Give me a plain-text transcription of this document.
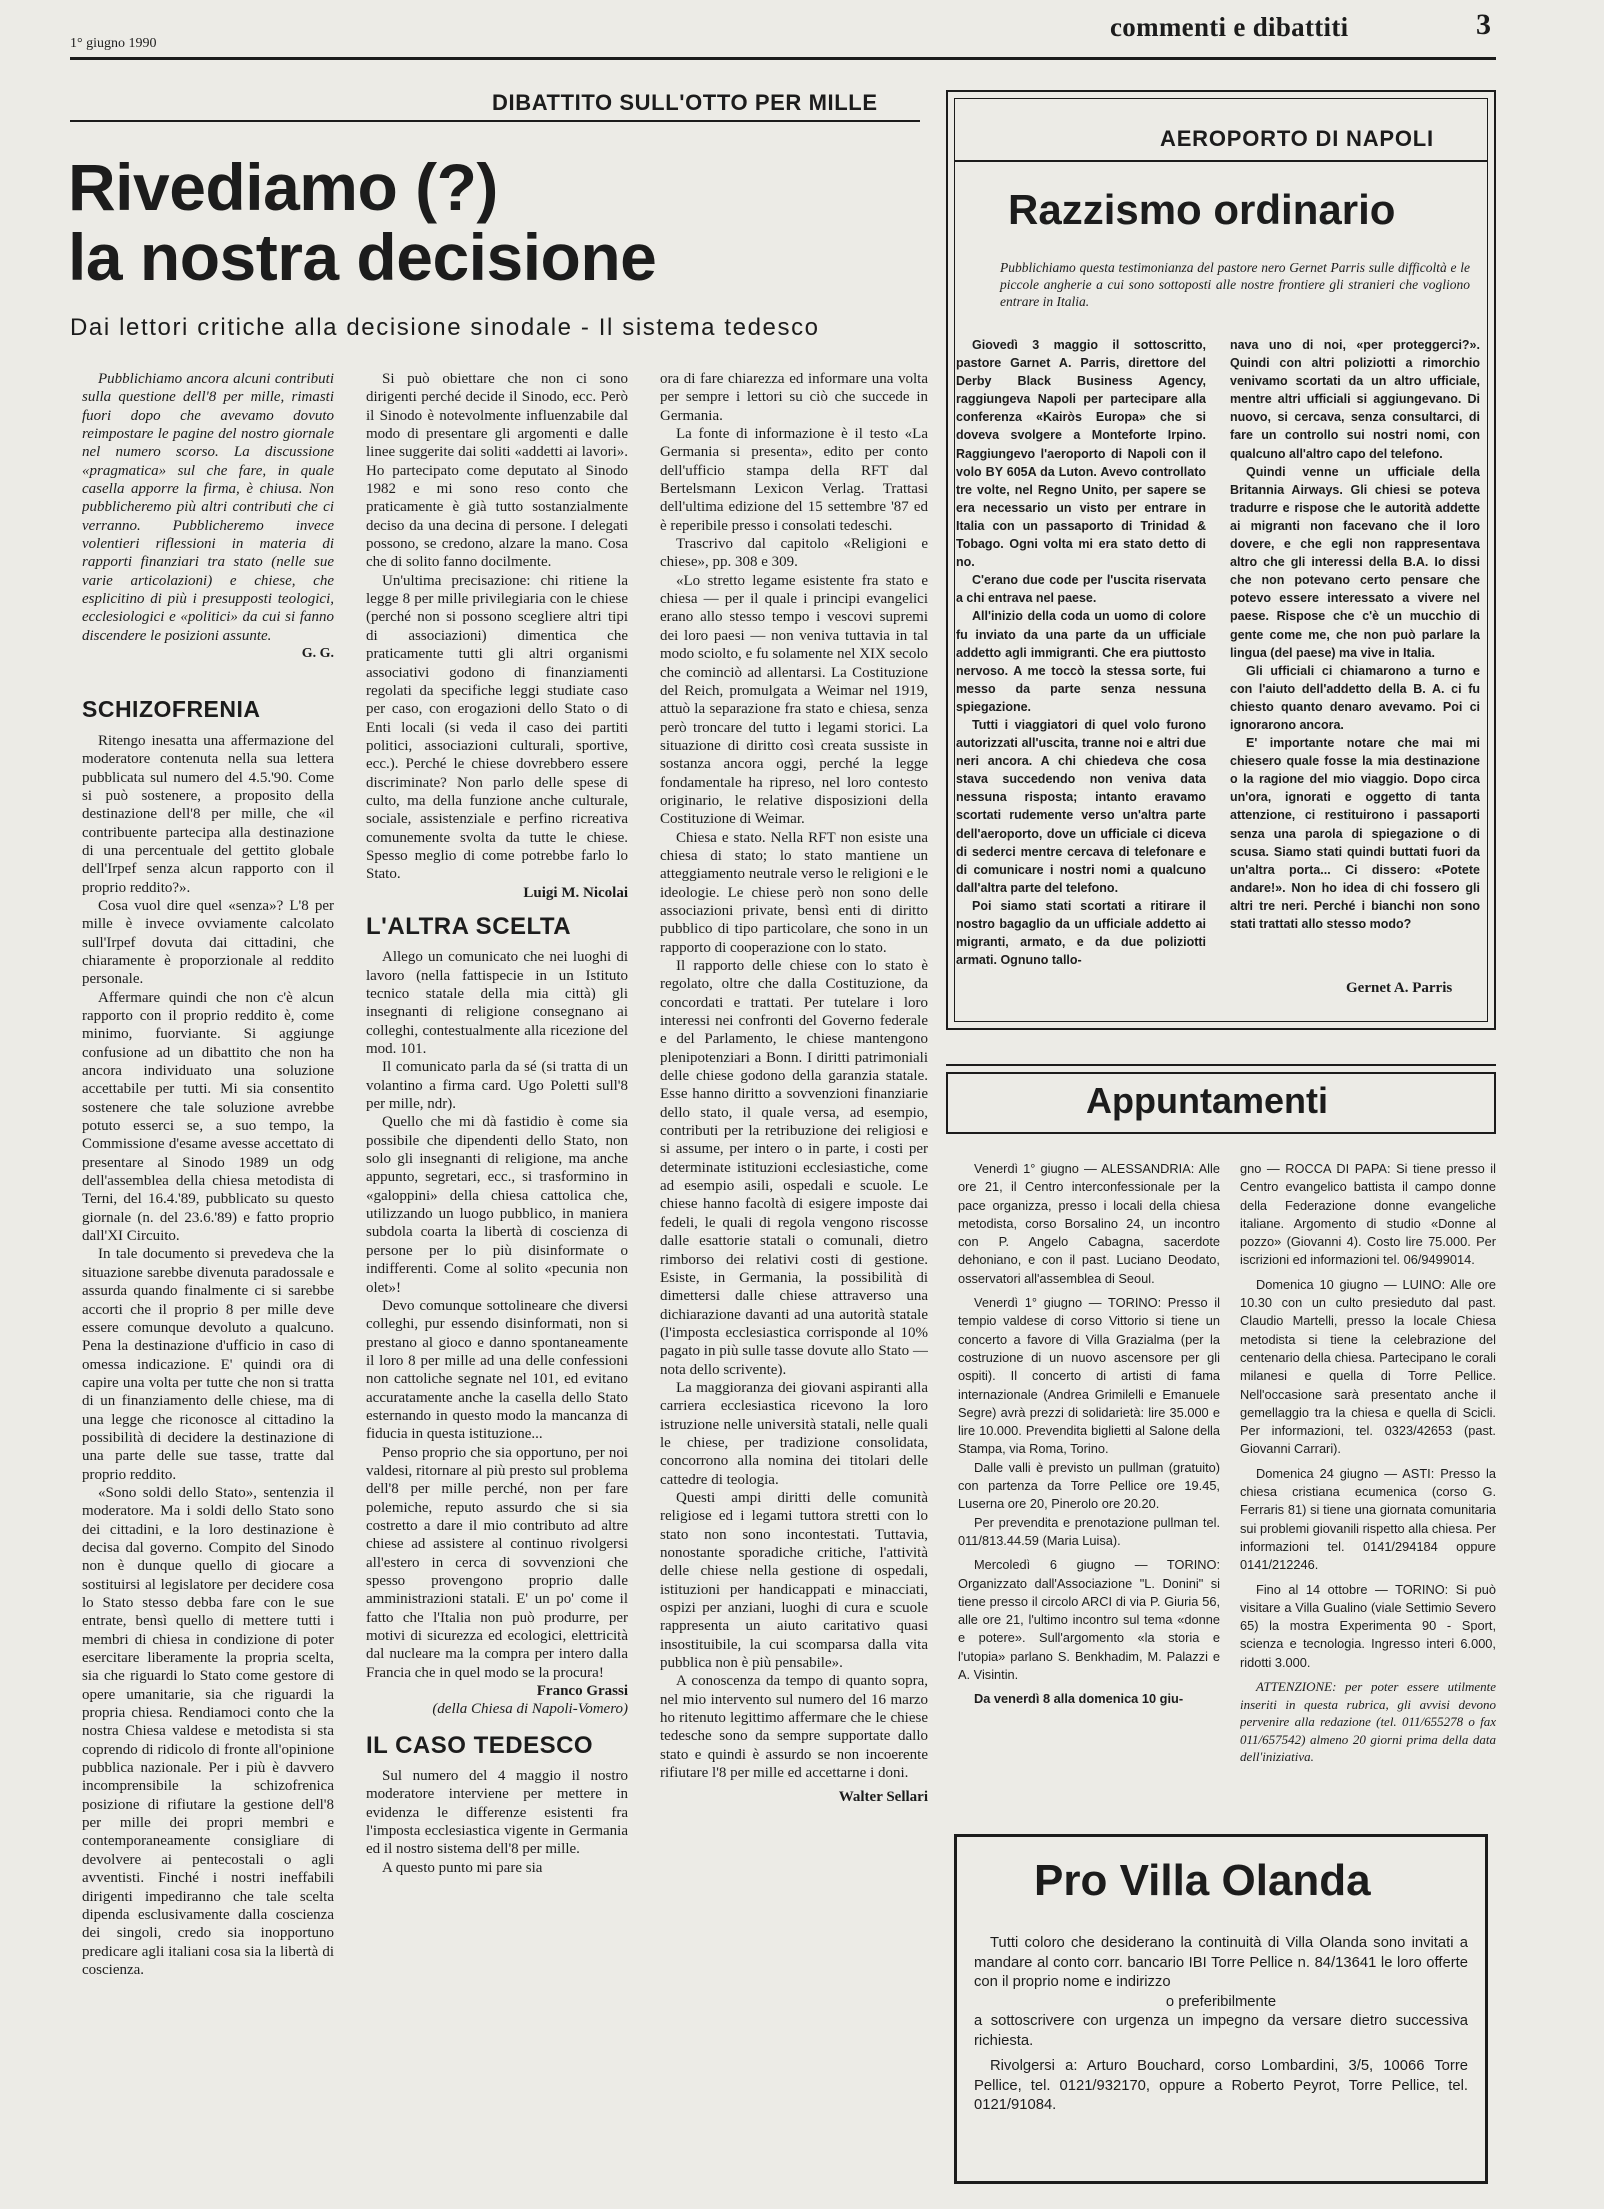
1° giugno 1990
commenti e dibattiti	3
DIBATTITO SULL'OTTO PER MILLE
Rivediamo (?)
la nostra decisione
Dai lettori critiche alla decisione sinodale - Il sistema tedesco

Pubblichiamo ancora alcuni contributi sulla questione dell'8 per mille, rimasti fuori dopo che avevamo dovuto reimpostare le pagine del nostro giornale nel numero scorso. La discussione «pragmatica» sul che fare, in quale casella apporre la firma, è chiusa. Non pubblicheremo più altri contributi che ci verranno. Pubblicheremo invece volentieri riflessioni in materia di rapporti finanziari tra stato (nelle sue varie articolazioni) e chiese, che esplicitino di più i presupposti teologici, ecclesiologici e «politici» da cui si fanno discendere le posizioni assunte.

G. G.

SCHIZOFRENIA

Ritengo inesatta una affermazione del moderatore contenuta nella sua lettera pubblicata sul numero del 4.5.'90. Come si può sostenere, a proposito della destinazione dell'8 per mille, che «il contribuente partecipa alla destinazione di una percentuale del gettito globale dell'Irpef senza alcun rapporto con il proprio reddito?».

Cosa vuol dire quel «senza»? L'8 per mille è invece ovviamente calcolato sull'Irpef dovuta dai cittadini, che chiaramente è proporzionale al reddito personale.

Affermare quindi che non c'è alcun rapporto con il proprio reddito è, come minimo, fuorviante. Si aggiunge confusione ad un dibattito che non ha ancora individuato una soluzione accettabile per tutti. Mi sia consentito sostenere che tale soluzione avrebbe potuto esserci se, a suo tempo, la Commissione d'esame avesse accettato di presentare al Sinodo 1989 un odg dell'assemblea della chiesa metodista di Terni, del 16.4.'89, pubblicato su questo giornale (n. del 23.6.'89) e fatto proprio dall'XI Circuito.

In tale documento si prevedeva che la situazione sarebbe divenuta paradossale e assurda quando finalmente ci si sarebbe accorti che il proprio 8 per mille deve essere comunque devoluto a qualcuno. Pena la destinazione d'ufficio in caso di omessa indicazione. E' quindi ora di capire una volta per tutte che non si tratta di un finanziamento delle chiese, ma di una legge che riconosce al cittadino la possibilità di decidere la destinazione di una parte delle sue tasse, tratte dal proprio reddito.

«Sono soldi dello Stato», sentenzia il moderatore. Ma i soldi dello Stato sono dei cittadini, e la loro destinazione è decisa dal governo. Compito del Sinodo non è dunque quello di giocare a sostituirsi al legislatore per decidere cosa lo Stato stesso debba fare con le sue entrate, bensì quello di mettere tutti i membri di chiesa in condizione di poter esercitare liberamente la propria scelta, sia che riguardi lo Stato come gestore di opere umanitarie, sia che riguardi la propria chiesa. Rendiamoci conto che la nostra Chiesa valdese e metodista si sta coprendo di ridicolo di fronte all'opinione pubblica nazionale. Per i più è davvero incomprensibile la schizofrenica posizione di rifiutare la gestione dell'8 per mille dei propri membri e contemporaneamente consigliare di devolvere ai pentecostali o agli avventisti. Finché i nostri ineffabili dirigenti impediranno che tale scelta dipenda esclusivamente dalla coscienza dei singoli, credo sia inopportuno predicare agli italiani cosa sia la libertà di coscienza.

Si può obiettare che non ci sono dirigenti perché decide il Sinodo, ecc. Però il Sinodo è notevolmente influenzabile dal modo di presentare gli argomenti e dalle linee suggerite dai soliti «addetti ai lavori». Ho partecipato come deputato al Sinodo 1982 e mi sono reso conto che praticamente è già tutto sostanzialmente deciso da una decina di persone. I delegati possono, se credono, alzare la mano. Cosa che di solito fanno docilmente.

Un'ultima precisazione: chi ritiene la legge 8 per mille privilegiaria con le chiese (perché non si possono scegliere altri tipi di associazioni) dimentica che praticamente tutti gli altri organismi associativi godono di finanziamenti regolati da specifiche leggi studiate caso per caso, con erogazioni dello Stato o di Enti locali (si veda il caso dei partiti politici, associazioni culturali, sportive, ecc.). Perché le chiese dovrebbero essere discriminate? Non parlo delle spese di culto, ma della funzione anche culturale, sociale, assistenziale e perfino ricreativa comunemente svolta da tutte le chiese. Spesso meglio di come potrebbe farlo lo Stato.

Luigi M. Nicolai

L'ALTRA SCELTA

Allego un comunicato che nei luoghi di lavoro (nella fattispecie in un Istituto tecnico statale della mia città) gli insegnanti di religione consegnano ai colleghi, contestualmente alla ricezione del mod. 101.

Il comunicato parla da sé (si tratta di un volantino a firma card. Ugo Poletti sull'8 per mille, ndr).

Quello che mi dà fastidio è come sia possibile che dipendenti dello Stato, non solo gli insegnanti di religione, ma anche appunto, segretari, ecc., si trasformino in «galoppini» della chiesa cattolica che, utilizzando un luogo pubblico, in maniera subdola coarta la libertà di coscienza di persone per lo più disinformate o indifferenti. Come al solito «pecunia non olet»!

Devo comunque sottolineare che diversi colleghi, pur essendo disinformati, non si prestano al gioco e danno spontaneamente il loro 8 per mille ad una delle confessioni non cattoliche segnate nel 101, ed evitano accuratamente anche la casella dello Stato esternando in questo modo la mancanza di fiducia in questa istituzione...

Penso proprio che sia opportuno, per noi valdesi, ritornare al più presto sul problema dell'8 per mille perché, non per fare polemiche, reputo assurdo che si sia costretto a dare il mio contributo ad altre chiese ad assistere al continuo rivolgersi all'estero in cerca di sovvenzioni che spesso provengono proprio dalle amministrazioni statali. E' un po' come il fatto che l'Italia non può produrre, per motivi di sicurezza ed ecologici, elettricità dal nucleare ma la compra per intero dalla Francia che in quel modo se la procura!

Franco Grassi

(della Chiesa di Napoli-Vomero)

IL CASO TEDESCO

Sul numero del 4 maggio il nostro moderatore interviene per mettere in evidenza le differenze esistenti fra l'imposta ecclesiastica vigente in Germania ed il nostro sistema dell'8 per mille.

A questo punto mi pare sia

ora di fare chiarezza ed informare una volta per sempre i lettori su ciò che succede in Germania.

La fonte di informazione è il testo «La Germania si presenta», edito per conto dell'ufficio stampa della RFT dal Bertelsmann Lexicon Verlag. Trattasi dell'ultima edizione del 15 settembre '87 ed è reperibile presso i consolati tedeschi.

Trascrivo dal capitolo «Religioni e chiese», pp. 308 e 309.

«Lo stretto legame esistente fra stato e chiesa — per il quale i principi evangelici erano allo stesso tempo i vescovi supremi dei loro paesi — non veniva tuttavia in tal modo sciolto, e fu solamente nel XIX secolo che cominciò ad allentarsi. La Costituzione del Reich, promulgata a Weimar nel 1919, attuò la separazione fra stato e chiesa, senza però troncare del tutto i legami storici. La situazione di diritto così creata sussiste in sostanza ancora oggi, perché la legge fondamentale ha ripreso, nel loro contesto originario, le relative disposizioni della Costituzione di Weimar.

Chiesa e stato. Nella RFT non esiste una chiesa di stato; lo stato mantiene un atteggiamento neutrale verso le religioni e le ideologie. Le chiese però non sono delle associazioni private, bensì enti di diritto pubblico di tipo particolare, che sono in un rapporto di cooperazione con lo stato.

Il rapporto delle chiese con lo stato è regolato, oltre che dalla Costituzione, da concordati e trattati. Per tutelare i loro interessi nei confronti del Governo federale e del Parlamento, le chiese mantengono plenipotenziari a Bonn. I diritti patrimoniali delle chiese godono della garanzia statale. Esse hanno diritto a sovvenzioni finanziarie dello stato, il quale versa, ad esempio, contributi per la retribuzione dei religiosi e si assume, per intero o in parte, i costi per determinate istituzioni ecclesiastiche, come ad esempio asili, ospedali e scuole. Le chiese hanno facoltà di esigere imposte dai fedeli, le quali di regola vengono riscosse dalle esattorie statali o comunali, dietro rimborso dei relativi costi di gestione. Esiste, in Germania, la possibilità di dimettersi dalle chiese attraverso una dichiarazione davanti ad una autorità statale (l'imposta ecclesiastica corrisponde al 10% pagato in più sulle tasse dovute allo Stato — nota dello scrivente).

La maggioranza dei giovani aspiranti alla carriera ecclesiastica ricevono la loro istruzione nelle università statali, nelle quali le chiese, per tradizione consolidata, concorrono alla nomina dei titolari delle cattedre di teologia.

Questi ampi diritti delle comunità religiose ed i legami tuttora stretti con lo stato non sono incontestati. Tuttavia, nonostante sporadiche critiche, l'attività delle chiese nella gestione di ospedali, istituzioni per handicappati e minacciati, ospizi per anziani, luoghi di cura e scuole rappresenta un aiuto caritativo quasi insostituibile, la cui scomparsa dalla vita pubblica non è più pensabile».

A conoscenza da tempo di quanto sopra, nel mio intervento sul numero del 16 marzo ho ritenuto legittimo affermare che le chiese tedesche sono da sempre supportate dallo stato e quindi è assurdo se non incoerente rifiutare l'8 per mille ed accettarne i doni.

Walter Sellari

AEROPORTO DI NAPOLI
Razzismo ordinario
Pubblichiamo questa testimonianza del pastore nero Gernet Parris sulle difficoltà e le piccole angherie a cui sono sottoposti alle nostre frontiere gli stranieri che vogliono entrare in Italia.

Giovedì 3 maggio il sottoscritto, pastore Garnet A. Parris, direttore del Derby Black Business Agency, raggiungeva Napoli per partecipare alla conferenza «Kairòs Europa» che si doveva svolgere a Monteforte Irpino. Raggiungevo l'aeroporto di Napoli con il volo BY 605A da Luton. Avevo controllato tre volte, nel Regno Unito, per sapere se era necessario un visto per entrare in Italia con un passaporto di Trinidad & Tobago. Ogni volta mi era stato detto di no.

C'erano due code per l'uscita riservata a chi entrava nel paese.

All'inizio della coda un uomo di colore fu inviato da una parte da un ufficiale addetto agli immigranti. Che era piuttosto nervoso. A me toccò la stessa sorte, fui messo da parte senza nessuna spiegazione.

Tutti i viaggiatori di quel volo furono autorizzati all'uscita, tranne noi e altri due neri ancora. A chi chiedeva che cosa stava succedendo non veniva data nessuna risposta; intanto eravamo scortati rudemente verso un'altra parte dell'aeroporto, dove un ufficiale ci diceva di sederci mentre cercava di telefonare e di comunicare i nostri nomi a qualcuno dall'altra parte del telefono.

Poi siamo stati scortati a ritirare il nostro bagaglio da un ufficiale addetto ai migranti, armato, e da due poliziotti armati. Ognuno tallo-

nava uno di noi, «per proteggerci?». Quindi con altri poliziotti a rimorchio venivamo scortati da un altro ufficiale, mentre altri ufficiali si aggiungevano. Di nuovo, si cercava, senza consultarci, di fare un controllo sui nostri nomi, con qualcuno all'altro capo del telefono.

Quindi venne un ufficiale della Britannia Airways. Gli chiesi se poteva tradurre e rispose che le autorità addette ai migranti non facevano che il loro dovere, e che egli non rappresentava altro che gli interessi della B.A. Io dissi che non potevano certo pensare che potevo essere interessato a vivere nel paese. Rispose che c'è un mucchio di gente come me, che non può parlare la lingua (del paese) ma vive in Italia.

Gli ufficiali ci chiamarono a turno e con l'aiuto dell'addetto della B. A. ci fu chiesto quanto denaro avevamo. Poi ci ignorarono ancora.

E' importante notare che mai mi chiesero quale fosse la mia destinazione o la ragione del mio viaggio. Dopo circa un'ora, ignorati e oggetto di tanta attenzione, ci restituirono i passaporti senza una parola di spiegazione o di scusa. Siamo stati quindi buttati fuori da un'altra porta... Ci dissero: «Potete andare!». Non ho idea di chi fossero gli altri tre neri. Perché i bianchi non sono stati trattati allo stesso modo?

Gernet A. Parris
Appuntamenti

Venerdì 1° giugno — ALESSANDRIA: Alle ore 21, il Centro interconfessionale per la pace organizza, presso i locali della chiesa metodista, corso Borsalino 24, un incontro con P. Angelo Cabagna, sacerdote dehoniano, e con il past. Luciano Deodato, osservatori all'assemblea di Seoul.

Venerdì 1° giugno — TORINO: Presso il tempio valdese di corso Vittorio si tiene un concerto a favore di Villa Grazialma (per la costruzione di un nuovo ascensore per gli ospiti). Il concerto di artisti di fama internazionale (Andrea Grimilelli e Emanuele Segre) avrà prezzi di solidarietà: lire 35.000 e lire 10.000. Prevendita biglietti al Salone della Stampa, via Roma, Torino.

Dalle valli è previsto un pullman (gratuito) con partenza da Torre Pellice ore 19.45, Luserna ore 20, Pinerolo ore 20.20.

Per prevendita e prenotazione pullman tel. 011/813.44.59 (Maria Luisa).

Mercoledì 6 giugno — TORINO: Organizzato dall'Associazione "L. Donini" si tiene presso il circolo ARCI di via P. Giuria 56, alle ore 21, l'ultimo incontro sul tema «donne e potere». Sull'argomento «la storia e l'utopia» parlano S. Benkhadim, M. Palazzi e A. Visintin.

Da venerdì 8 alla domenica 10 giu-

gno — ROCCA DI PAPA: Si tiene presso il Centro evangelico battista il campo donne della Federazione donne evangeliche italiane. Argomento di studio «Donne al pozzo» (Giovanni 4). Costo lire 75.000. Per iscrizioni ed informazioni tel. 06/9499014.

Domenica 10 giugno — LUINO: Alle ore 10.30 con un culto presieduto dal past. Claudio Martelli, presso la locale Chiesa metodista si tiene la celebrazione del centenario della chiesa. Partecipano le corali milanesi e quella di Torre Pellice. Nell'occasione sarà presentato anche il gemellaggio tra la chiesa e quella di Scicli. Per informazioni, tel. 0323/42653 (past. Giovanni Carrari).

Domenica 24 giugno — ASTI: Presso la chiesa cristiana ecumenica (corso G. Ferraris 81) si tiene una giornata comunitaria sui problemi giovanili rispetto alla chiesa. Per informazioni tel. 0141/294184 oppure 0141/212246.

Fino al 14 ottobre — TORINO: Si può visitare a Villa Gualino (viale Settimio Severo 65) la mostra Experimenta 90 - Sport, scienza e tecnologia. Ingresso interi 6.000, ridotti 3.000.

ATTENZIONE: per poter essere utilmente inseriti in questa rubrica, gli avvisi devono pervenire alla redazione (tel. 011/655278 o fax 011/657542) almeno 20 giorni prima della data dell'iniziativa.

Pro Villa Olanda

Tutti coloro che desiderano la continuità di Villa Olanda sono invitati a mandare al conto corr. bancario IBI Torre Pellice n. 84/13641 le loro offerte con il proprio nome e indirizzo

o preferibilmente

a sottoscrivere con urgenza un impegno da versare dietro successiva richiesta.

Rivolgersi a: Arturo Bouchard, corso Lombardini, 3/5, 10066 Torre Pellice, tel. 0121/932170, oppure a Roberto Peyrot, Torre Pellice, tel. 0121/91084.
